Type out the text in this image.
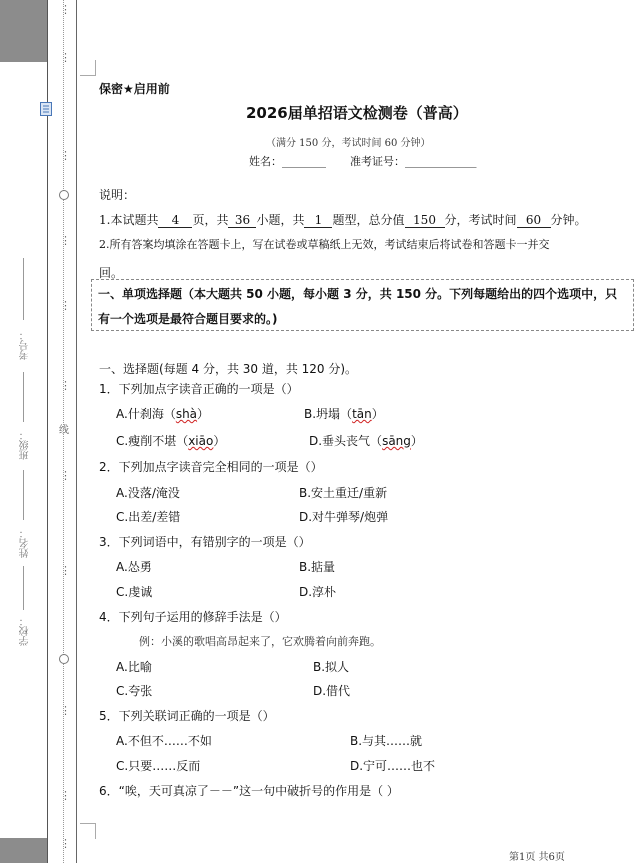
考号：
班级：
姓名：
学校：
⋮
⋮
⋮
⋮
⋮
⋮
线
⋮
⋮
⋮
⋮
⋮
保密★启用前
2026届单招语文检测卷（普高）
（满分 150 分，考试时间 60 分钟）
姓名：________ 准考证号：_____________
说明：
1.本试题共 4 页，共 36 小题，共 1 题型，总分值 150 分，考试时间 60 分钟。
2.所有答案均填涂在答题卡上，写在试卷或草稿纸上无效，考试结束后将试卷和答题卡一并交
回。
一、单项选择题（本大题共 50 小题，每小题 3 分，共 150 分。下列每题给出的四个选项中，只
有一个选项是最符合题目要求的。)
一、选择题(每题 4 分，共 30 道，共 120 分)。
1．下列加点字读音正确的一项是（）
A.什刹海（shà）	B.坍塌（tān）
C.瘦削不堪（xiāo）	D.垂头丧气（sāng）
2．下列加点字读音完全相同的一项是（）
A.没落/淹没	B.安土重迁/重新
C.出差/差错	D.对牛弹琴/炮弹
3．下列词语中，有错别字的一项是（）
A.怂勇	B.掂量
C.虔诚	D.淳朴
4．下列句子运用的修辞手法是（）
例：小溪的歌唱高昂起来了，它欢腾着向前奔跑。
A.比喻	B.拟人
C.夸张	D.借代
5．下列关联词正确的一项是（）
A.不但不……不如	B.与其……就
C.只要……反而	D.宁可……也不
6．“唉，天可真凉了－－”这一句中破折号的作用是（ ）
第1页 共6页
